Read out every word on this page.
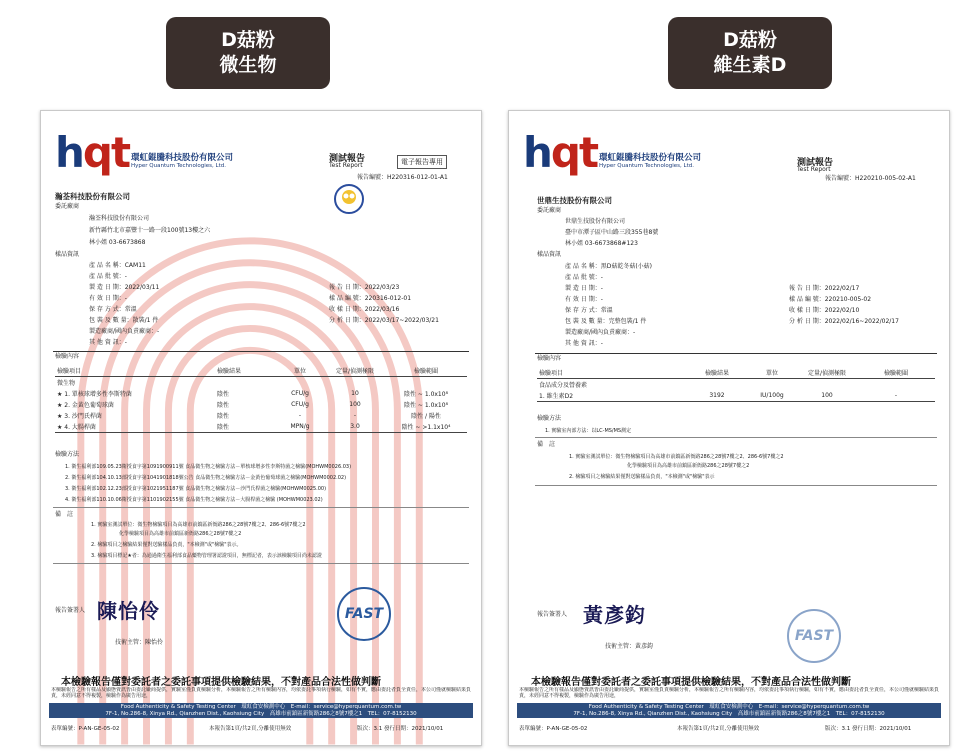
D菇粉
微生物
D菇粉
維生素D
hqt 環虹錕騰科技股份有限公司
Hyper Quantum Technologies, Ltd.
測試報告
Test Report	電子報告專用
報告編號：H220316-012-01-A1
瀚荃科技股份有限公司
委託廠商
瀚荃科技股份有限公司
新竹縣竹北市嘉豐十一路一段100號13樓之六
林小姐 03-6673868
樣品資訊
產 品 名 稱：CAM11
產 品 批 號：-
製 造 日 期：2022/03/11
有 效 日 期：-
保 存 方 式：常溫
包 裝 及 數 量：散裝/1 件
製造廠商/國內負責廠商：-
其 他 資 訊：-
報 告 日 期：2022/03/23
樣 品 編 號：220316-012-01
收 樣 日 期：2022/03/16
分 析 日 期：2022/03/17~2022/03/21
檢驗內容
檢驗項目	檢驗結果	單位	定量/偵測極限	檢驗範圍
微生物				
★ 1. 單核球增多性李斯特菌	陰性	CFU/g	10	陰性 ~ 1.0x10⁸
★ 2. 金黃色葡萄球菌	陰性	CFU/g	100	陰性 ~ 1.0x10⁸
★ 3. 沙門氏桿菌	陰性	-	-	陰性 / 陽性
★ 4. 大腸桿菌	陰性	MPN/g	3.0	陰性 ~ >1.1x10⁴
檢驗方法
1. 衛生福利部109.05.23衛授食字第1091900911號 食品微生物之檢驗方法－單核球增多性李斯特菌之檢驗(MOHWM0026.03)
2. 衛生福利部104.10.13部授食字第1041901818號公告 食品微生物之檢驗方法－金黃色葡萄球菌之檢驗(MOHWM0002.02)
3. 衛生福利部102.12.23部授食字第1021951187號 食品微生物之檢驗方法－沙門氏桿菌之檢驗(MOHWM0025.00)
4. 衛生福利部110.10.06衛授食字第1101902155號 食品微生物之檢驗方法－大腸桿菌之檢驗 (MOHWM0023.02)
備　註
1. 實驗室測試單位：微生物檢驗項目為高雄市前鎮區新衙路286之28號7樓之2、286-6號7樓之2
化學檢驗項目為高雄市前鎮區新衙路286之28號7樓之2
2. 檢驗項目之檢驗結果僅對送驗樣品負責，"本檢測"或"檢驗"表示。
3. 檢驗項目標記★者：為通過衛生福利部食品藥物管理署認證項目，無標記者，表示該檢驗項目尚未認證
報告簽署人 陳怡伶
技術主管：陳怡伶
FAST
本檢驗報告僅對委託者之委託事項提供檢驗結果，不對產品合法性做判斷
本檢驗報告之所有樣品及顯態資訊皆由委託廠商提供，實驗室僅負責檢驗分析，本檢驗報告之所有檢驗內容，均依委託事項執行檢驗，如有不實，應由委託者負全責任，本公司僅就檢驗結果負責，未經同意不得複製，檢驗作為廣告用途，
Food Authenticity & Safety Testing Center　環虹食安檢測中心　E-mail：service@hyperquantum.com.tw
7F-1, No.286-8, Xinya Rd., Qianzhen Dist., Kaohsiung City　高雄市前鎮區新衙路286之8號7樓之1　TEL：07-8152130
表單編號：P-AN-GE-05-02	本報告第1頁/共2頁,分離使用無效	版次：3.1 發行日期：2021/10/01
hqt 環虹錕騰科技股份有限公司
Hyper Quantum Technologies, Ltd.	測試報告
Test Report
報告編號：H220210-005-02-A1
世鼎生技股份有限公司
委託廠商
世鼎生技股份有限公司
臺中市潭子區中山路三段355巷8號
林小姐 03-6673868#123
樣品資訊
產 品 名 稱：黑D菇乾冬菇(小菇)
產 品 批 號：-
製 造 日 期：-
有 效 日 期：-
保 存 方 式：常溫
包 裝 及 數 量：完整包裝/1 件
製造廠商/國內負責廠商：-
其 他 資 訊：-
報 告 日 期：2022/02/17
樣 品 編 號：220210-005-02
收 樣 日 期：2022/02/10
分 析 日 期：2022/02/16~2022/02/17
檢驗內容
檢驗項目	檢驗結果	單位	定量/偵測極限	檢驗範圍
食品成分及營養素				
1. 維生素D2	3192	IU/100g	100	-
檢驗方法
1. 實驗室內部方法：以LC-MS/MS測定
備　註
1. 實驗室測試單位：微生物檢驗項目為高雄市前鎮區新衙路286之28號7樓之2、286-6號7樓之2
化學檢驗項目為高雄市前鎮區新衙路286之28號7樓之2
2. 檢驗項目之檢驗結果僅對送驗樣品負責，"本檢測"或"檢驗"表示
報告簽署人 黃彥鈞
技術主管：黃彥鈞
FAST
本檢驗報告僅對委託者之委託事項提供檢驗結果，不對產品合法性做判斷
本檢驗報告之所有樣品及顯態資訊皆由委託廠商提供，實驗室僅負責檢驗分析，本檢驗報告之所有檢驗內容，均依委託事項執行檢驗，如有不實，應由委託者負全責任，本公司僅就檢驗結果負責，未經同意不得複製，檢驗作為廣告用途，
Food Authenticity & Safety Testing Center　環虹食安檢測中心　E-mail：service@hyperquantum.com.tw
7F-1, No.286-8, Xinya Rd., Qianzhen Dist., Kaohsiung City　高雄市前鎮區新衙路286之8號7樓之1　TEL：07-8152130
表單編號：P-AN-GE-05-02	本報告第1頁/共2頁,分離使用無效	版次：3.1 發行日期：2021/10/01
